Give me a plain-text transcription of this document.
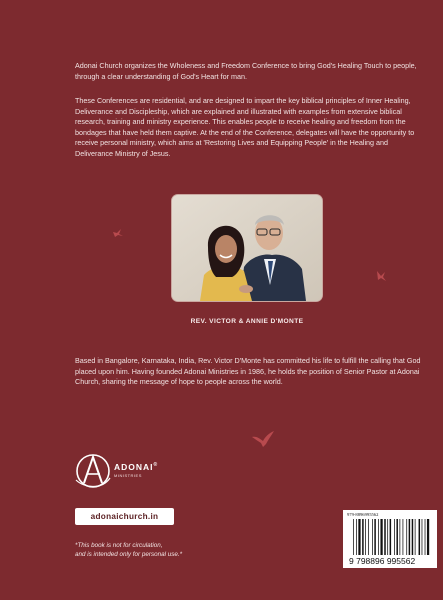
Adonai Church organizes the Wholeness and Freedom Conference to bring God's Healing Touch to people, through a clear understanding of God's Heart for man.

These Conferences are residential, and are designed to impart the key biblical principles of Inner Healing, Deliverance and Discipleship, which are explained and illustrated with examples from extensive biblical research, training and ministry experience. This enables people to receive healing and freedom from the bondages that have held them captive. At the end of the Conference, delegates will have the opportunity to receive personal ministry, which aims at 'Restoring Lives and Equipping People' in the Healing and Deliverance Ministry of Jesus.

REV. VICTOR & ANNIE D'MONTE

Based in Bangalore, Karnataka, India, Rev. Victor D'Monte has committed his life to fulfill the calling that God placed upon him. Having founded Adonai Ministries in 1986, he holds the position of Senior Pastor at Adonai Church, sharing the message of hope to people across the world.

ADONAI®
MINISTRIES
adonaichurch.in

*This book is not for circulation,
and is intended only for personal use.*

979-8896995562
9 798896 995562
